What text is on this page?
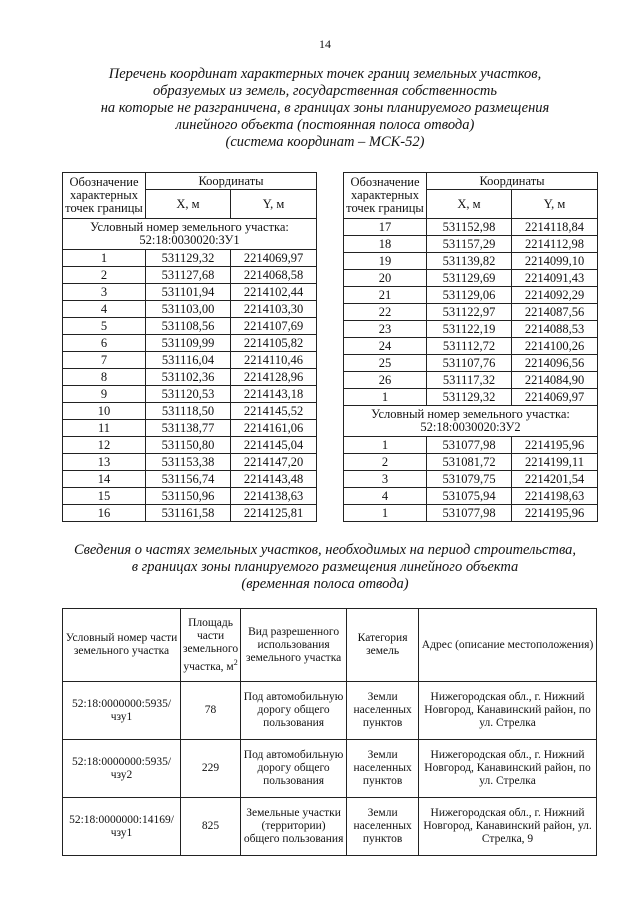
14
Перечень координат характерных точек границ земельных участков,
образуемых из земель, государственная собственность
на которые не разграничена, в границах зоны планируемого размещения
линейного объекта (постоянная полоса отвода)
(система координат – МСК-52)
Обозначение характерных точек границы	Координаты	
	X, м	Y, м
Условный номер земельного участка: 52:18:0030020:ЗУ1		
1	531129,32	2214069,97
2	531127,68	2214068,58
3	531101,94	2214102,44
4	531103,00	2214103,30
5	531108,56	2214107,69
6	531109,99	2214105,82
7	531116,04	2214110,46
8	531102,36	2214128,96
9	531120,53	2214143,18
10	531118,50	2214145,52
11	531138,77	2214161,06
12	531150,80	2214145,04
13	531153,38	2214147,20
14	531156,74	2214143,48
15	531150,96	2214138,63
16	531161,58	2214125,81
Обозначение характерных точек границы	Координаты	
	X, м	Y, м
17	531152,98	2214118,84
18	531157,29	2214112,98
19	531139,82	2214099,10
20	531129,69	2214091,43
21	531129,06	2214092,29
22	531122,97	2214087,56
23	531122,19	2214088,53
24	531112,72	2214100,26
25	531107,76	2214096,56
26	531117,32	2214084,90
1	531129,32	2214069,97
Условный номер земельного участка: 52:18:0030020:ЗУ2		
1	531077,98	2214195,96
2	531081,72	2214199,11
3	531079,75	2214201,54
4	531075,94	2214198,63
1	531077,98	2214195,96
Сведения о частях земельных участков, необходимых на период строительства,
в границах зоны планируемого размещения линейного объекта
(временная полоса отвода)
Условный номер части земельного участка	Площадь части земельного участка, $м^2$	Вид разрешенного использования земельного участка	Категория земель	Адрес (описание местоположения)
52:18:0000000:5935/ чзу1	78	Под автомобильную дорогу общего пользования	Земли населенных пунктов	Нижегородская обл., г. Нижний Новгород, Канавинский район, по ул. Стрелка
52:18:0000000:5935/ чзу2	229	Под автомобильную дорогу общего пользования	Земли населенных пунктов	Нижегородская обл., г. Нижний Новгород, Канавинский район, по ул. Стрелка
52:18:0000000:14169/ чзу1	825	Земельные участки (территории) общего пользования	Земли населенных пунктов	Нижегородская обл., г. Нижний Новгород, Канавинский район, ул. Стрелка, 9
